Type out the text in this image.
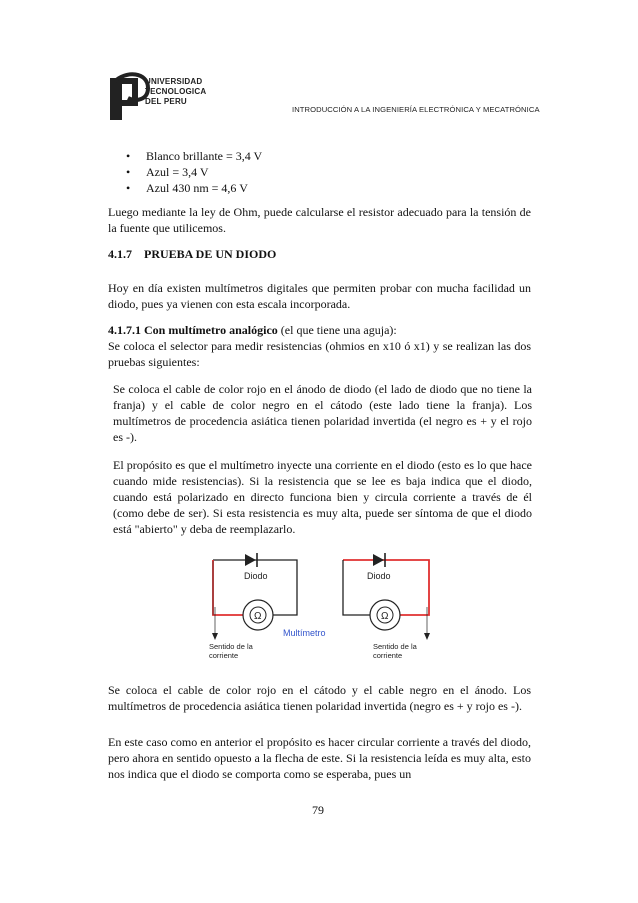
UNIVERSIDAD
TECNOLOGICA
DEL PERU
INTRODUCCIÓN A LA INGENIERÍA ELECTRÓNICA Y MECATRÓNICA
• Blanco brillante = 3,4 V
• Azul = 3,4 V
• Azul 430 nm = 4,6 V

Luego mediante la ley de Ohm, puede calcularse el resistor adecuado para la tensión de la fuente que utilicemos.

4.1.7    PRUEBA DE UN DIODO

Hoy en día existen multímetros digitales que permiten probar con mucha facilidad un diodo, pues ya vienen con esta escala incorporada.

4.1.7.1 Con multímetro analógico (el que tiene una aguja):
Se coloca el selector para medir resistencias (ohmios en x10 ó x1) y se realizan las dos pruebas siguientes:

Se coloca el cable de color rojo en el ánodo de diodo (el lado de diodo que no tiene la franja) y el cable de color negro en el cátodo (este lado tiene la franja). Los multímetros de procedencia asiática tienen polaridad invertida (el negro es + y el rojo es -).

El propósito es que el multímetro inyecte una corriente en el diodo (esto es lo que hace cuando mide resistencias). Si la resistencia que se lee es baja indica que el diodo, cuando está polarizado en directo funciona bien y circula corriente a través de él (como debe de ser). Si esta resistencia es muy alta, puede ser síntoma de que el diodo está "abierto" y deba de reemplazarlo.

Diodo
Ω
Sentido de la
corriente
Multímetro
Diodo
Ω
Sentido de la
corriente

Se coloca el cable de color rojo en el cátodo y el cable negro en el ánodo. Los multímetros de procedencia asiática tienen polaridad invertida (negro es + y rojo es -).

En este caso como en anterior el propósito es hacer circular corriente a través del diodo, pero ahora en sentido opuesto a la flecha de este. Si la resistencia leída es muy alta, esto nos indica que el diodo se comporta como se esperaba, pues un

79
